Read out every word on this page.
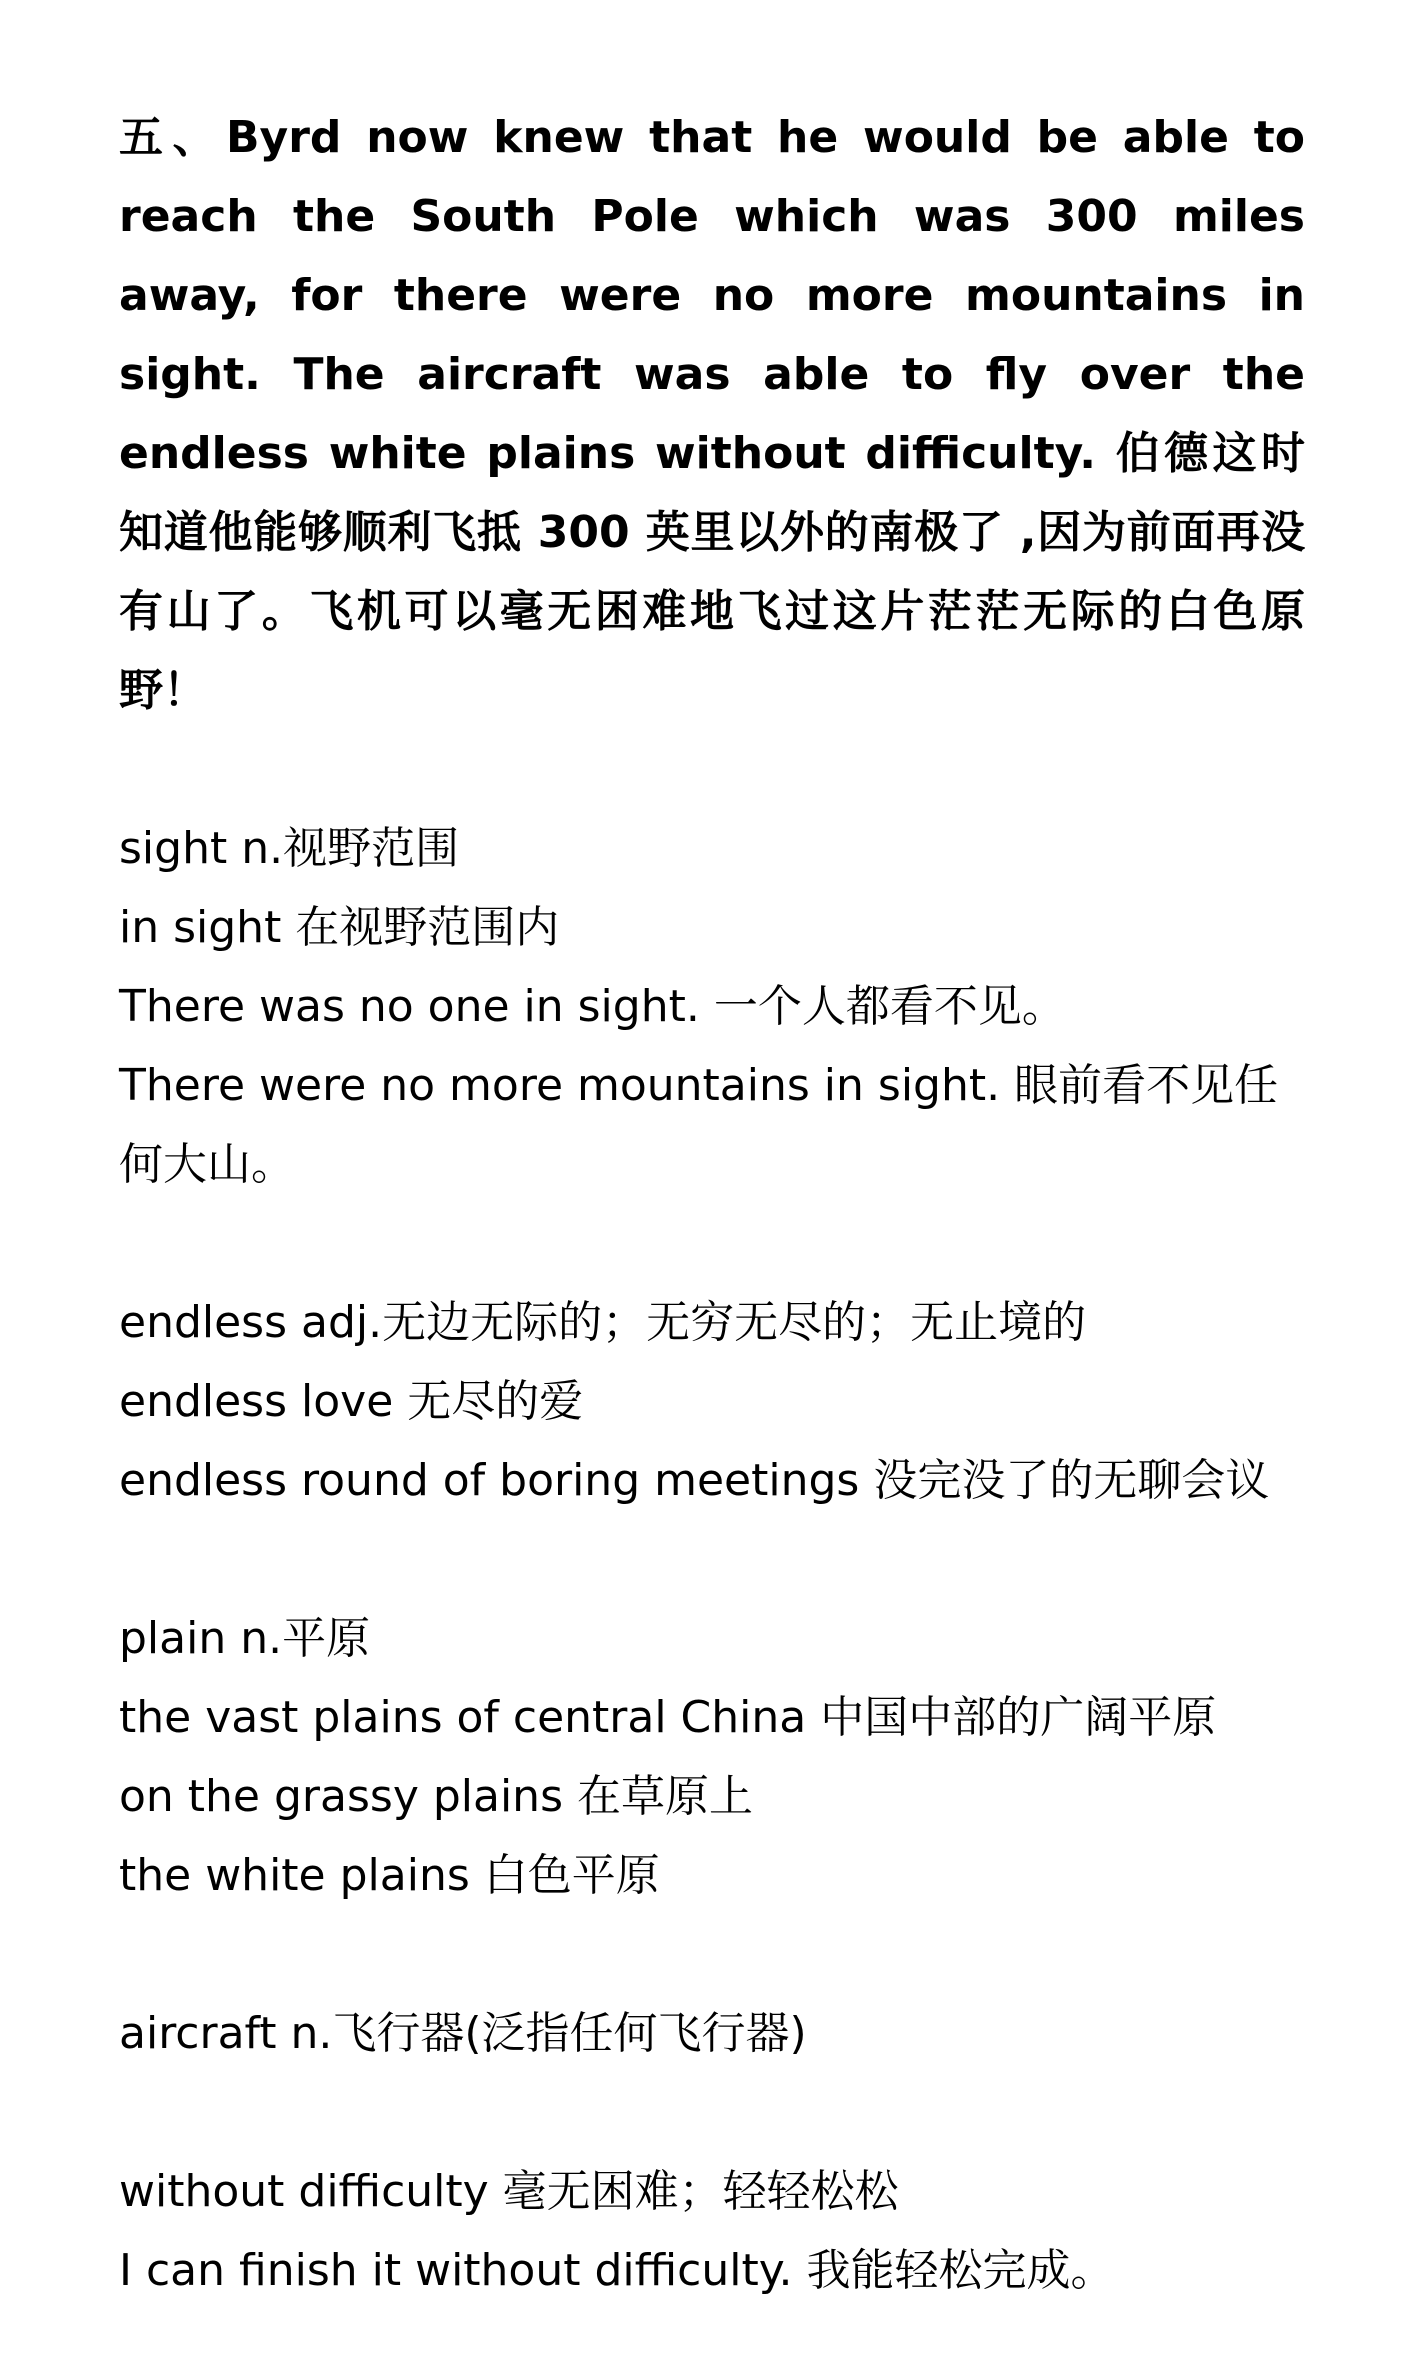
五、Byrd now knew that he would be able to reach the South Pole which was 300 miles away, for there were no more mountains in sight. The aircraft was able to fly over the endless white plains without difficulty. 伯德这时知道他能够顺利飞抵 300 英里以外的南极了 ,因为前面再没有山了。飞机可以毫无困难地飞过这片茫茫无际的白色原野！

sight n.视野范围

in sight 在视野范围内

There was no one in sight. 一个人都看不见。

There were no more mountains in sight. 眼前看不见任何大山。

endless adj.无边无际的；无穷无尽的；无止境的

endless love 无尽的爱

endless round of boring meetings 没完没了的无聊会议

plain n.平原

the vast plains of central China 中国中部的广阔平原

on the grassy plains 在草原上

the white plains 白色平原

aircraft n.飞行器(泛指任何飞行器)

without difficulty 毫无困难；轻轻松松

I can finish it without difficulty. 我能轻松完成。
